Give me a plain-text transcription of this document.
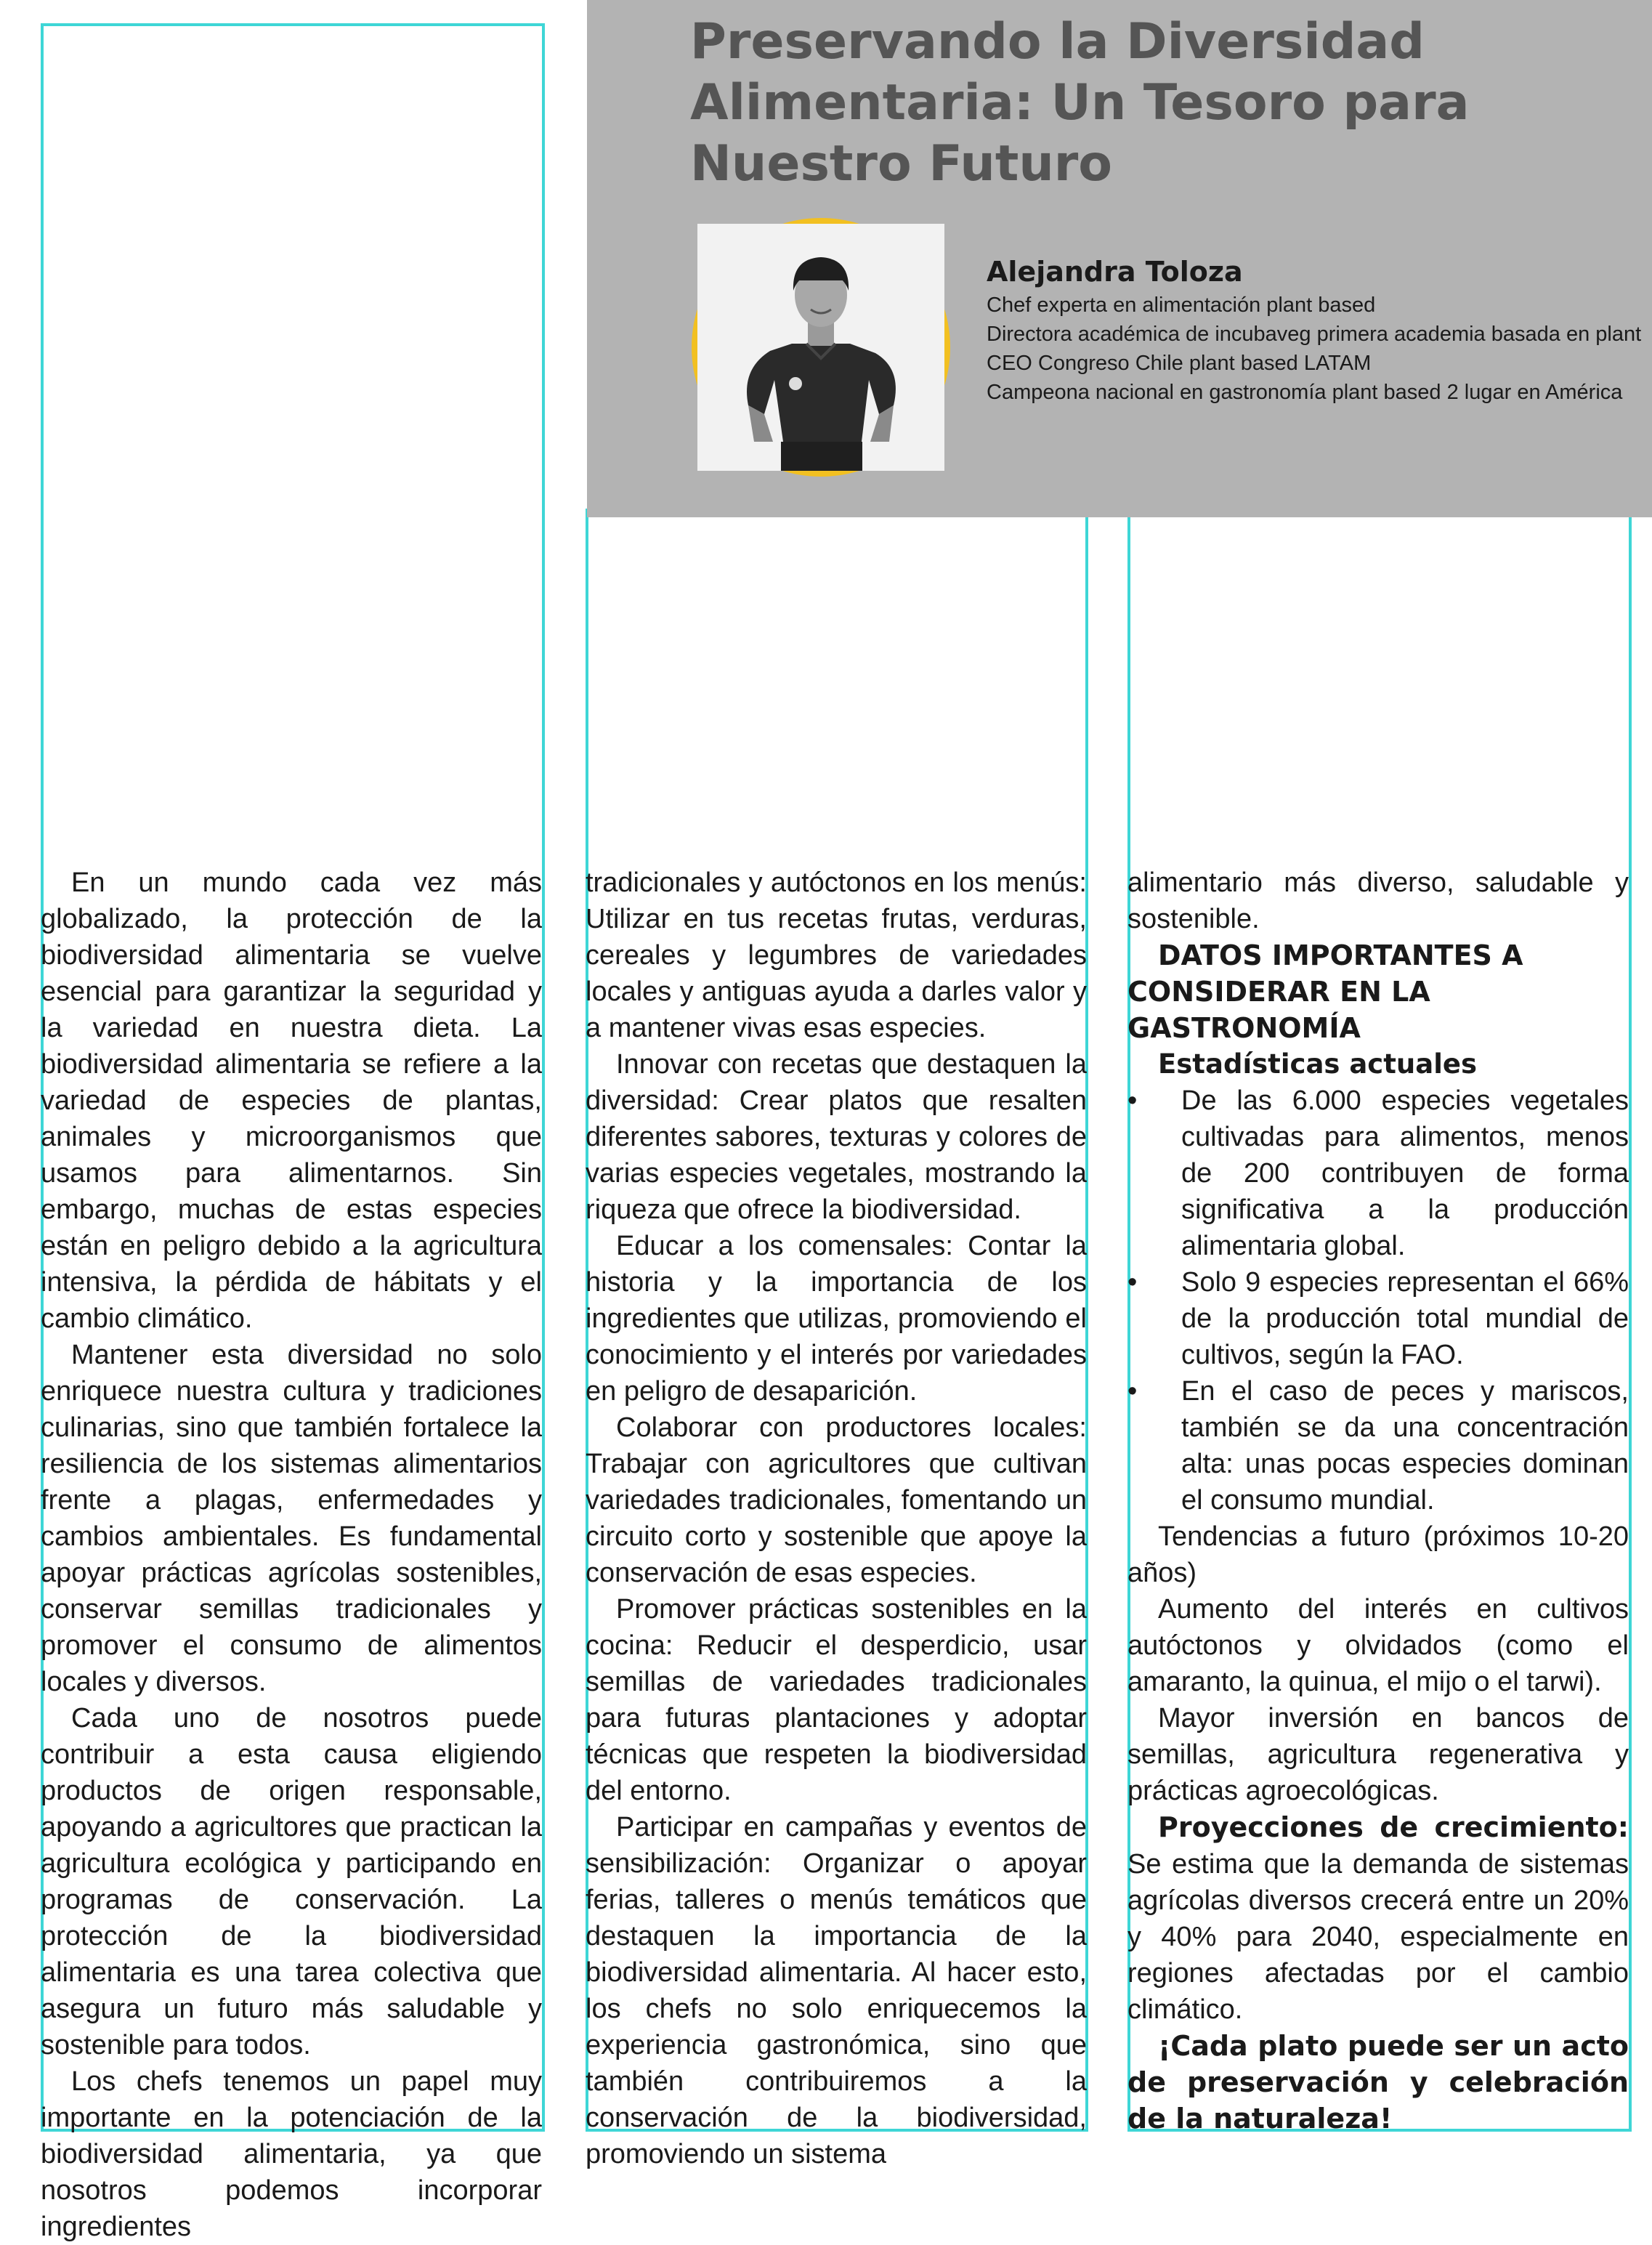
Preservando la Diversidad
Alimentaria: Un Tesoro para
Nuestro Futuro
Alejandra Toloza
Chef experta en alimentación plant based
Directora académica de incubaveg primera academia basada en plant
CEO Congreso Chile plant based LATAM
Campeona nacional en gastronomía plant based 2 lugar en América

En un mundo cada vez más globalizado, la protección de la biodiversidad alimentaria se vuelve esencial para garantizar la seguridad y la variedad en nuestra dieta. La biodiversidad alimentaria se refiere a la variedad de especies de plantas, animales y microorganismos que usamos para alimentarnos. Sin embargo, muchas de estas especies están en peligro debido a la agricultura intensiva, la pérdida de hábitats y el cambio climático.

Mantener esta diversidad no solo enriquece nuestra cultura y tradiciones culinarias, sino que también fortalece la resiliencia de los sistemas alimentarios frente a plagas, enfermedades y cambios ambientales. Es fundamental apoyar prácticas agrícolas sostenibles, conservar semillas tradicionales y promover el consumo de alimentos locales y diversos.

Cada uno de nosotros puede contribuir a esta causa eligiendo productos de origen responsable, apoyando a agricultores que practican la agricultura ecológica y participando en programas de conservación. La protección de la biodiversidad alimentaria es una tarea colectiva que asegura un futuro más saludable y sostenible para todos.

Los chefs tenemos un papel muy importante en la potenciación de la biodiversidad alimentaria, ya que nosotros podemos incorporar ingredientes

tradicionales y autóctonos en los menús: Utilizar en tus recetas frutas, verduras, cereales y legumbres de variedades locales y antiguas ayuda a darles valor y a mantener vivas esas especies.

Innovar con recetas que destaquen la diversidad: Crear platos que resalten diferentes sabores, texturas y colores de varias especies vegetales, mostrando la riqueza que ofrece la biodiversidad.

Educar a los comensales: Contar la historia y la importancia de los ingredientes que utilizas, promoviendo el conocimiento y el interés por variedades en peligro de desaparición.

Colaborar con productores locales: Trabajar con agricultores que cultivan variedades tradicionales, fomentando un circuito corto y sostenible que apoye la conservación de esas especies.

Promover prácticas sostenibles en la cocina: Reducir el desperdicio, usar semillas de variedades tradicionales para futuras plantaciones y adoptar técnicas que respeten la biodiversidad del entorno.

Participar en campañas y eventos de sensibilización: Organizar o apoyar ferias, talleres o menús temáticos que destaquen la importancia de la biodiversidad alimentaria. Al hacer esto, los chefs no solo enriquecemos la experiencia gastronómica, sino que también contribuiremos a la conservación de la biodiversidad, promoviendo un sistema

alimentario más diverso, saludable y sostenible.

DATOS IMPORTANTES A CONSIDERAR EN LA GASTRONOMÍA
Estadísticas actuales
• De las 6.000 especies vegetales cultivadas para alimentos, menos de 200 contribuyen de forma significativa a la producción alimentaria global.
• Solo 9 especies representan el 66% de la producción total mundial de cultivos, según la FAO.
• En el caso de peces y mariscos, también se da una concentración alta: unas pocas especies dominan el consumo mundial.

Tendencias a futuro (próximos 10-20 años)

Aumento del interés en cultivos autóctonos y olvidados (como el amaranto, la quinua, el mijo o el tarwi).

Mayor inversión en bancos de semillas, agricultura regenerativa y prácticas agroecológicas.

Proyecciones de crecimiento: Se estima que la demanda de sistemas agrícolas diversos crecerá entre un 20% y 40% para 2040, especialmente en regiones afectadas por el cambio climático.

¡Cada plato puede ser un acto de preservación y celebración de la naturaleza!
